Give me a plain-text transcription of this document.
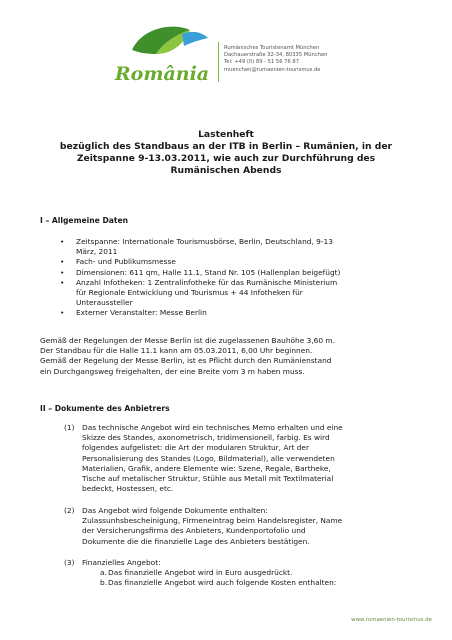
România
Rumänisches Touristenamt München
Dachauerstraße 32-34, 80335 München
Tel: +49 (0) 89 - 51 56 76 87
muenchen@rumaenien-tourismus.de
Lastenheft
bezüglich des Standbaus an der ITB in Berlin – Rumänien, in der
Zeitspanne 9-13.03.2011, wie auch zur Durchführung des
Rumänischen Abends
I – Allgemeine Daten
• Zeitspanne: Internationale Tourismusbörse, Berlin, Deutschland, 9-13
März, 2011
• Fach- und Publikumsmesse
• Dimensionen: 611 qm, Halle 11.1, Stand Nr. 105 (Hallenplan beigefügt)
• Anzahl Infotheken: 1 Zentralinfotheke für das Rumänische Ministerium
für Regionale Entwicklung und Tourismus + 44 Infotheken für
Unteraussteller
• Externer Veranstalter: Messe Berlin
Gemäß der Regelungen der Messe Berlin ist die zugelassenen Bauhöhe 3,60 m.
Der Standbau für die Halle 11.1 kann am 05.03.2011, 6,00 Uhr beginnen.
Gemäß der Regelung der Messe Berlin, ist es Pflicht durch den Rumänienstand
ein Durchgangsweg freigehalten, der eine Breite vom 3 m haben muss.
II – Dokumente des Anbietrers
(1) Das technische Angebot wird ein technisches Memo erhalten und eine
Skizze des Standes, axonometrisch, tridimensionell, farbig. Es wird
folgendes aufgelistet: die Art der modularen Struktur, Art der
Personalisierung des Standes (Logo, Bildmaterial), alle verwendeten
Materialien, Grafik, andere Elemente wie: Szene, Regale, Bartheke,
Tische auf metalischer Struktur, Stühle aus Metall mit Textilmaterial
bedeckt, Hostessen, etc.
(2) Das Angebot wird folgende Dokumente enthalten:
Zulassunhsbescheinigung, Firmeneintrag beim Handelsregister, Name
der Versicherungsfirma des Anbieters, Kundenportofolio und
Dokumente die die finanzielle Lage des Anbieters bestätigen.
(3) Finanzielles Angebot:
a. Das finanzielle Angebot wird in Euro ausgedrückt.
b. Das finanzielle Angebot wird auch folgende Kosten enthalten:
www.rumaenien-tourismus.de
